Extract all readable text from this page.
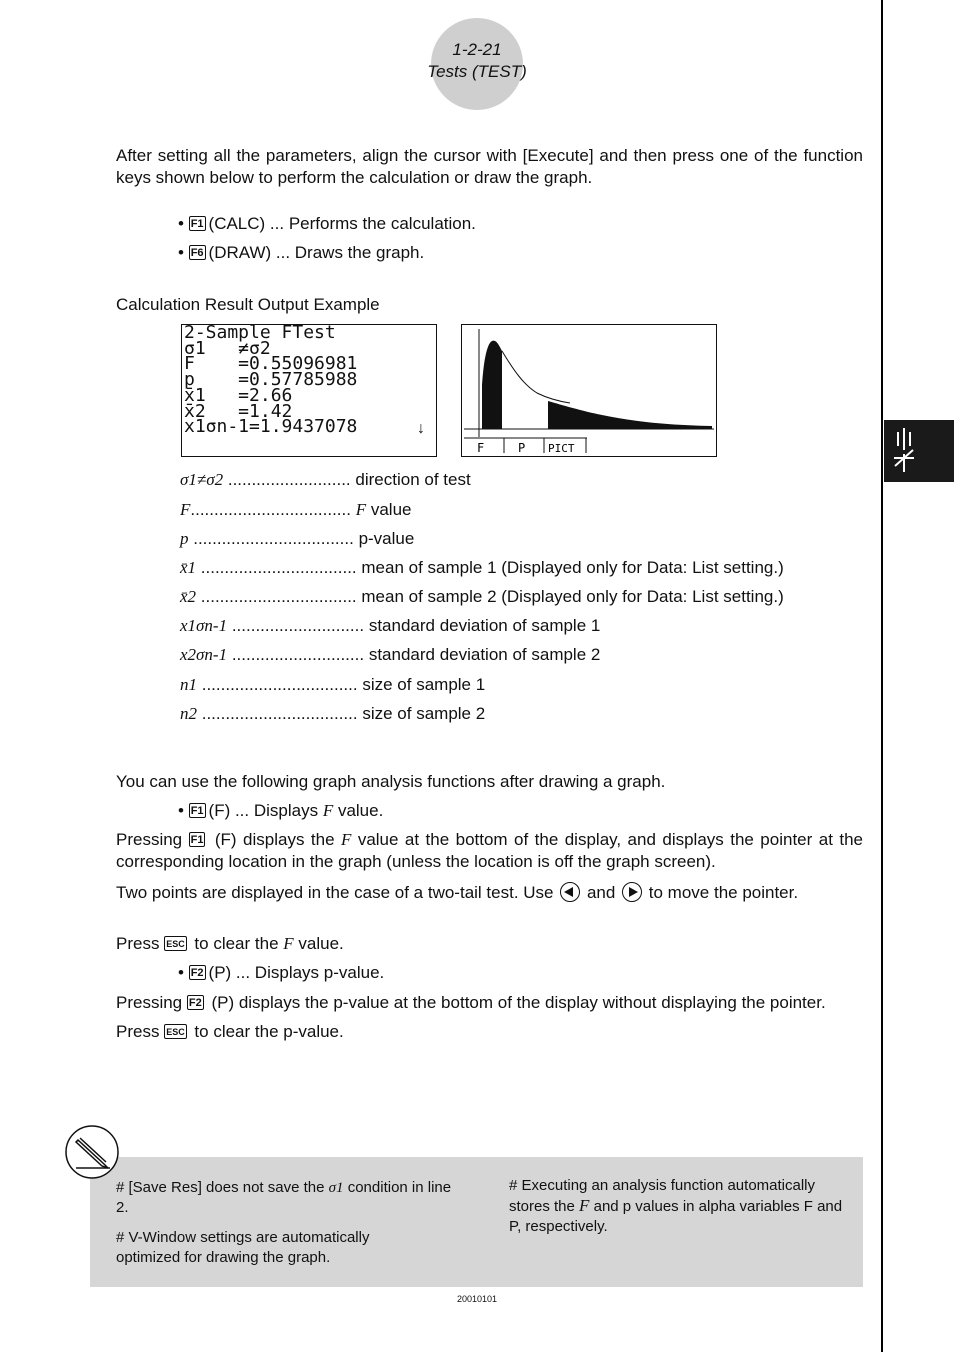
1-2-21
Tests (TEST)
After setting all the parameters, align the cursor with [Execute] and then press one of the function keys shown below to perform the calculation or draw the graph.
• F1 (CALC) ... Performs the calculation.
• F6 (DRAW) ... Draws the graph.
Calculation Result Output Example
2-Sample FTest
σ1   ≠σ2
F    =0.55096981
p    =0.57785988
x̄1   =2.66
x̄2   =1.42
x1σn-1=1.9437078	↓
F	P PICT
σ1≠σ2 .......................... direction of test
F.................................. F value
p .................................. p-value
x̄1 ................................. mean of sample 1 (Displayed only for Data: List setting.)
x̄2 ................................. mean of sample 2 (Displayed only for Data: List setting.)
x1σn-1 ............................ standard deviation of sample 1
x2σn-1 ............................ standard deviation of sample 2
n1 ................................. size of sample 1
n2 ................................. size of sample 2
You can use the following graph analysis functions after drawing a graph.
• F1 (F) ... Displays F value.
Pressing F1 (F) displays the F value at the bottom of the display, and displays the pointer at the corresponding location in the graph (unless the location is off the graph screen).
Two points are displayed in the case of a two-tail test. Use
and
to move the pointer.
Press ESC to clear the F value.
• F2 (P) ... Displays p-value.
Pressing F2 (P) displays the p-value at the bottom of the display without displaying the pointer.
Press ESC to clear the p-value.
# [Save Res] does not save the σ1 condition in line 2.
# V-Window settings are automatically optimized for drawing the graph.
# Executing an analysis function automatically stores the F and p values in alpha variables F and P, respectively.
20010101
